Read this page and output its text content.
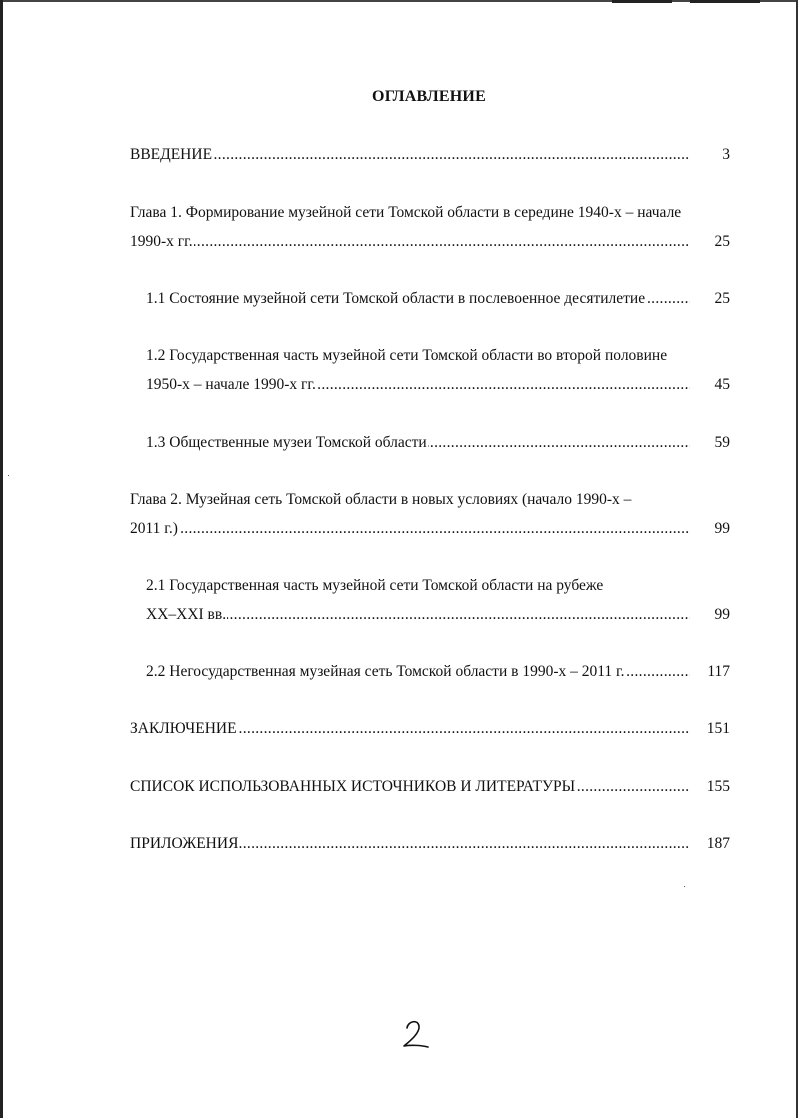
ОГЛАВЛЕНИЕ
.....
ВВЕДЕНИЕ	3
Глава 1. Формирование музейной сети Томской области в середине 1940-х – начале
.....
1990-х гг.	25
.....
1.1 Состояние музейной сети Томской области в послевоенное десятилетие	25
1.2 Государственная часть музейной сети Томской области во второй половине
.....
1950-х – начале 1990-х гг.	45
.....
1.3 Общественные музеи Томской области	59
Глава 2. Музейная сеть Томской области в новых условиях (начало 1990-х –
.....
2011 г.)	99
2.1 Государственная часть музейной сети Томской области на рубеже
.....
XX–XXI вв.	99
.....
2.2 Негосударственная музейная сеть Томской области в 1990-х – 2011 г.	117
.....
ЗАКЛЮЧЕНИЕ	151
.....
СПИСОК ИСПОЛЬЗОВАННЫХ ИСТОЧНИКОВ И ЛИТЕРАТУРЫ	155
.....
ПРИЛОЖЕНИЯ	187
